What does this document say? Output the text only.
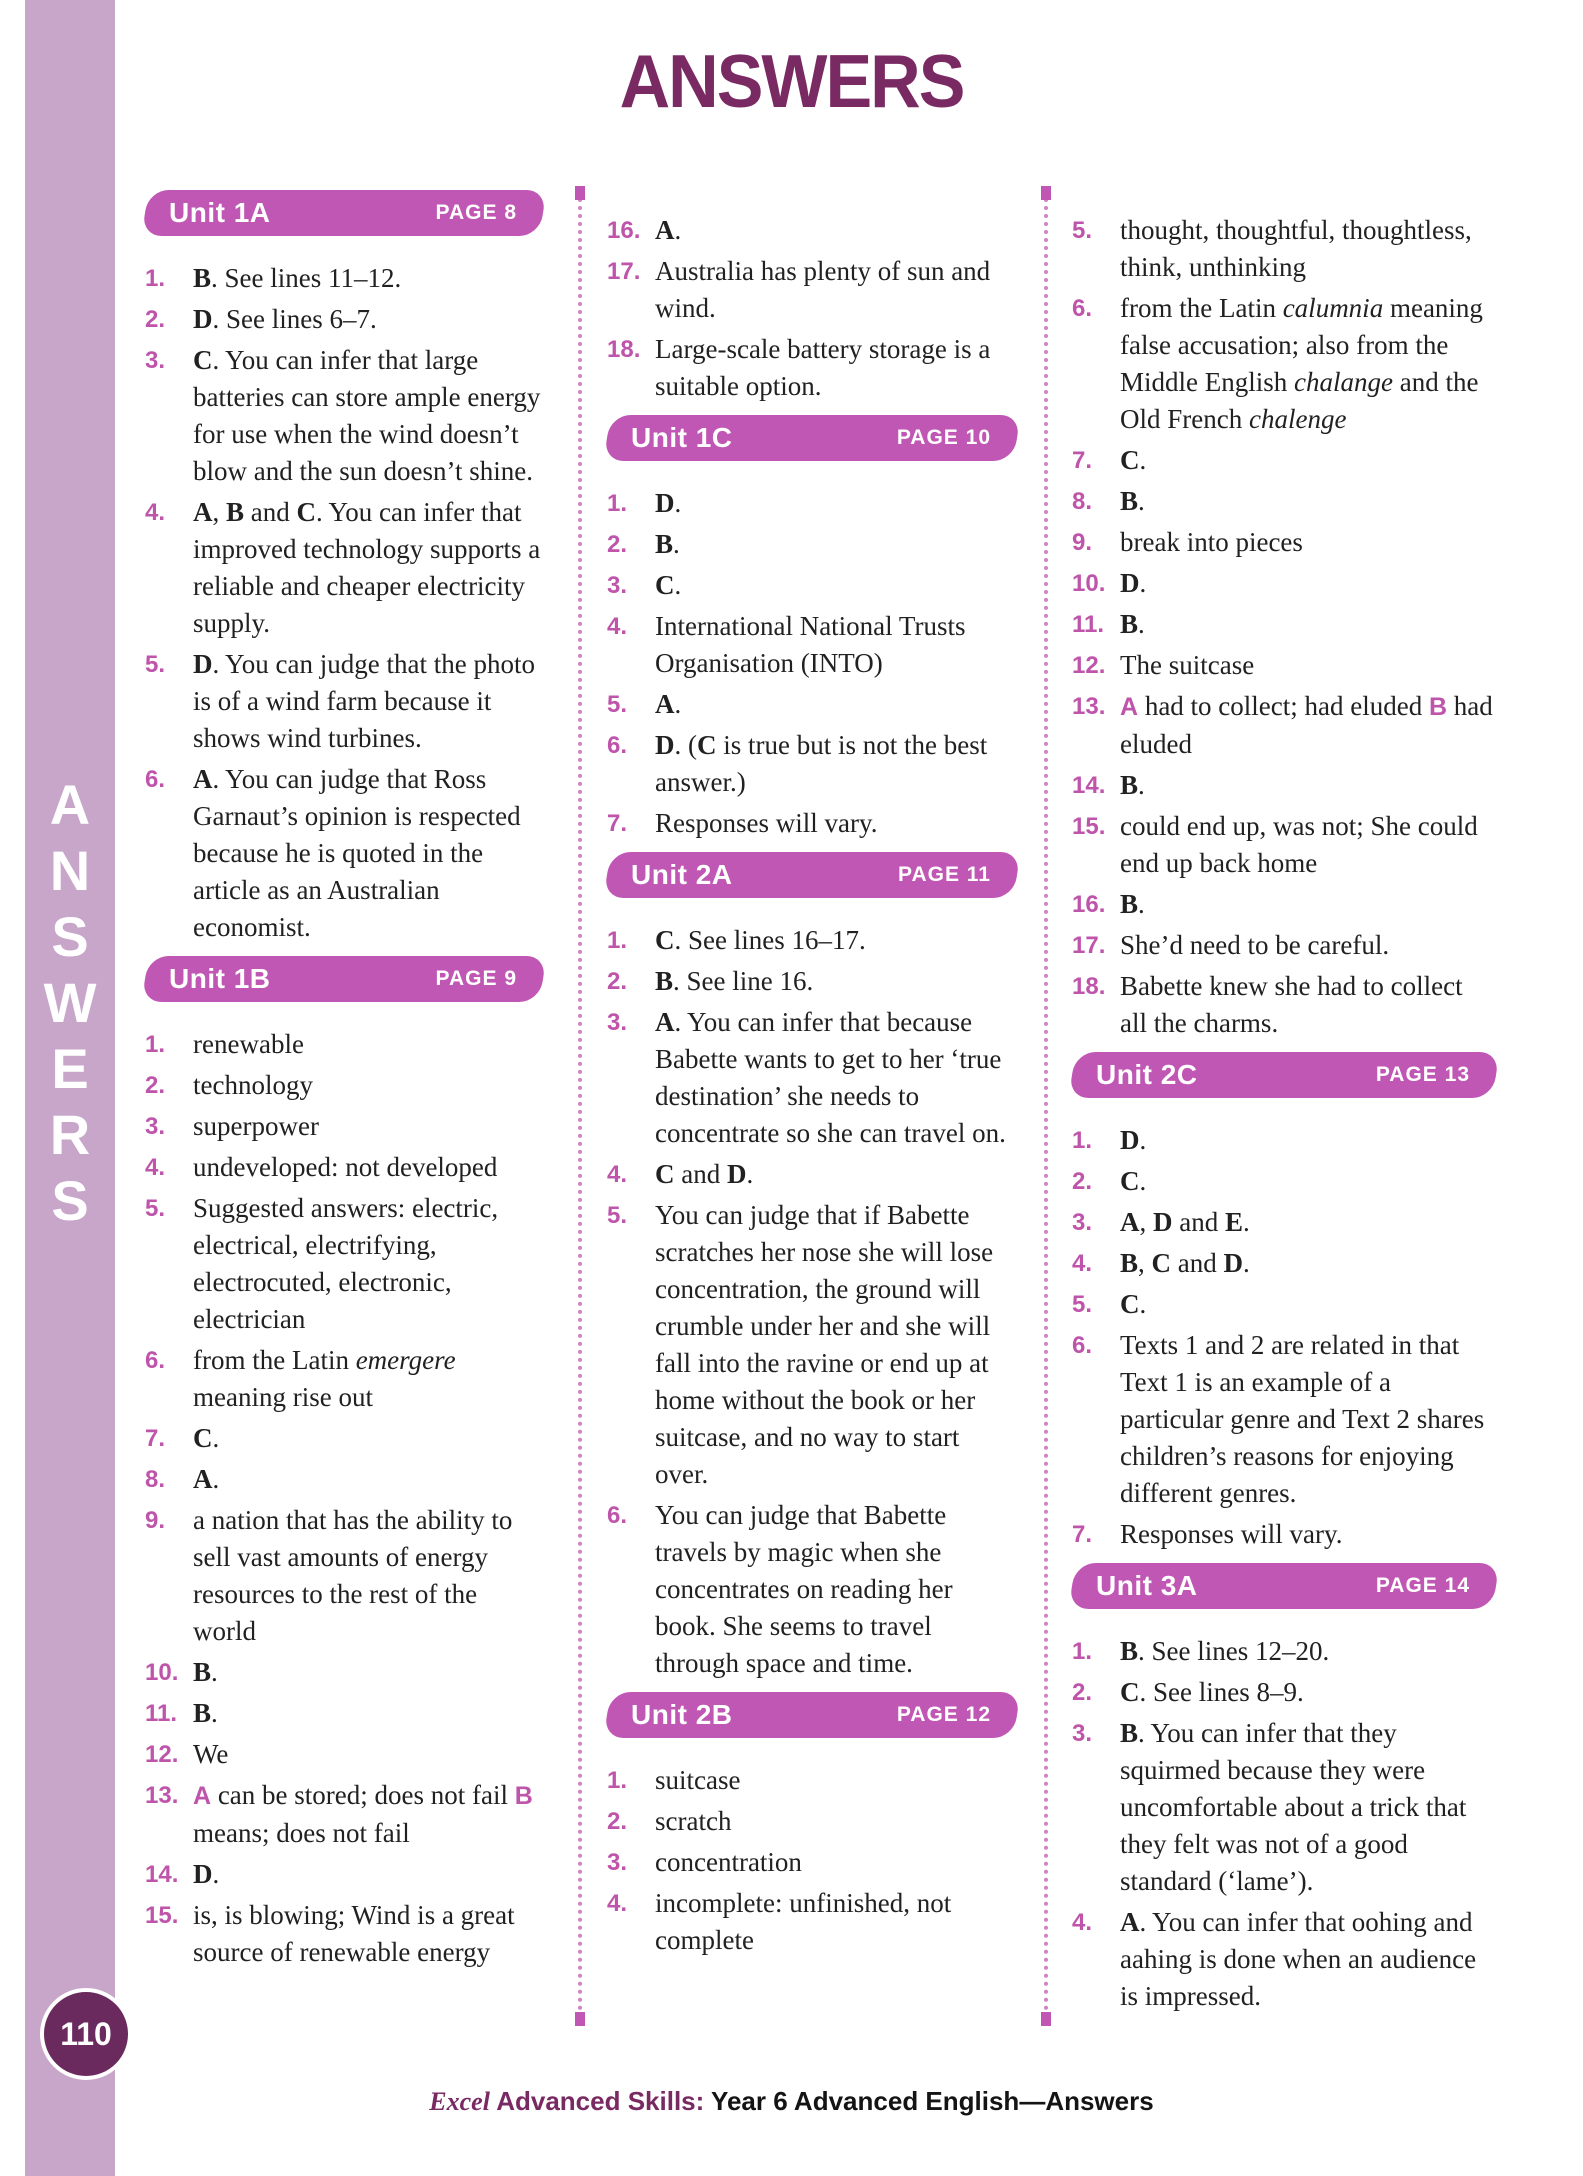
A
N
S
W
E
R
S
ANSWERS
Unit 1A	PAGE 8
1.	B. See lines 11–12.
2.	D. See lines 6–7.
3.	C. You can infer that large batteries can store ample energy for use when the wind doesn’t blow and the sun doesn’t shine.
4.	A, B and C. You can infer that improved technology supports a reliable and cheaper electricity supply.
5.	D. You can judge that the photo is of a wind farm because it shows wind turbines.
6.	A. You can judge that Ross Garnaut’s opinion is respected because he is quoted in the article as an Australian economist.
Unit 1B	PAGE 9
1.	renewable
2.	technology
3.	superpower
4.	undeveloped: not developed
5.	Suggested answers: electric, electrical, electrifying, electrocuted, electronic, electrician
6.	from the Latin emergere meaning rise out
7.	C.
8.	A.
9.	a nation that has the ability to sell vast amounts of energy resources to the rest of the world
10. B.
11. B.
12. We
13. A can be stored; does not fail B means; does not fail
14. D.
15. is, is blowing; Wind is a great source of renewable energy
16. A.
17. Australia has plenty of sun and wind.
18. Large-scale battery storage is a suitable option.
Unit 1C	PAGE 10
1.	D.
2.	B.
3.	C.
4.	International National Trusts Organisation (INTO)
5.	A.
6.	D. (C is true but is not the best answer.)
7.	Responses will vary.
Unit 2A	PAGE 11
1.	C. See lines 16–17.
2.	B. See line 16.
3.	A. You can infer that because Babette wants to get to her ‘true destination’ she needs to concentrate so she can travel on.
4.	C and D.
5.	You can judge that if Babette scratches her nose she will lose concentration, the ground will crumble under her and she will fall into the ravine or end up at home without the book or her suitcase, and no way to start over.
6.	You can judge that Babette travels by magic when she concentrates on reading her book. She seems to travel through space and time.
Unit 2B	PAGE 12
1.	suitcase
2.	scratch
3.	concentration
4.	incomplete: unfinished, not complete
5.	thought, thoughtful, thoughtless, think, unthinking
6.	from the Latin calumnia meaning false accusation; also from the Middle English chalange and the Old French chalenge
7.	C.
8.	B.
9.	break into pieces
10. D.
11. B.
12. The suitcase
13. A had to collect; had eluded B had eluded
14. B.
15. could end up, was not; She could end up back home
16. B.
17. She’d need to be careful.
18. Babette knew she had to collect all the charms.
Unit 2C	PAGE 13
1.	D.
2.	C.
3.	A, D and E.
4.	B, C and D.
5.	C.
6.	Texts 1 and 2 are related in that Text 1 is an example of a particular genre and Text 2 shares children’s reasons for enjoying different genres.
7.	Responses will vary.
Unit 3A	PAGE 14
1.	B. See lines 12–20.
2.	C. See lines 8–9.
3.	B. You can infer that they squirmed because they were uncomfortable about a trick that they felt was not of a good standard (‘lame’).
4.	A. You can infer that oohing and aahing is done when an audience is impressed.
110
Excel Advanced Skills: Year 6 Advanced English—Answers
